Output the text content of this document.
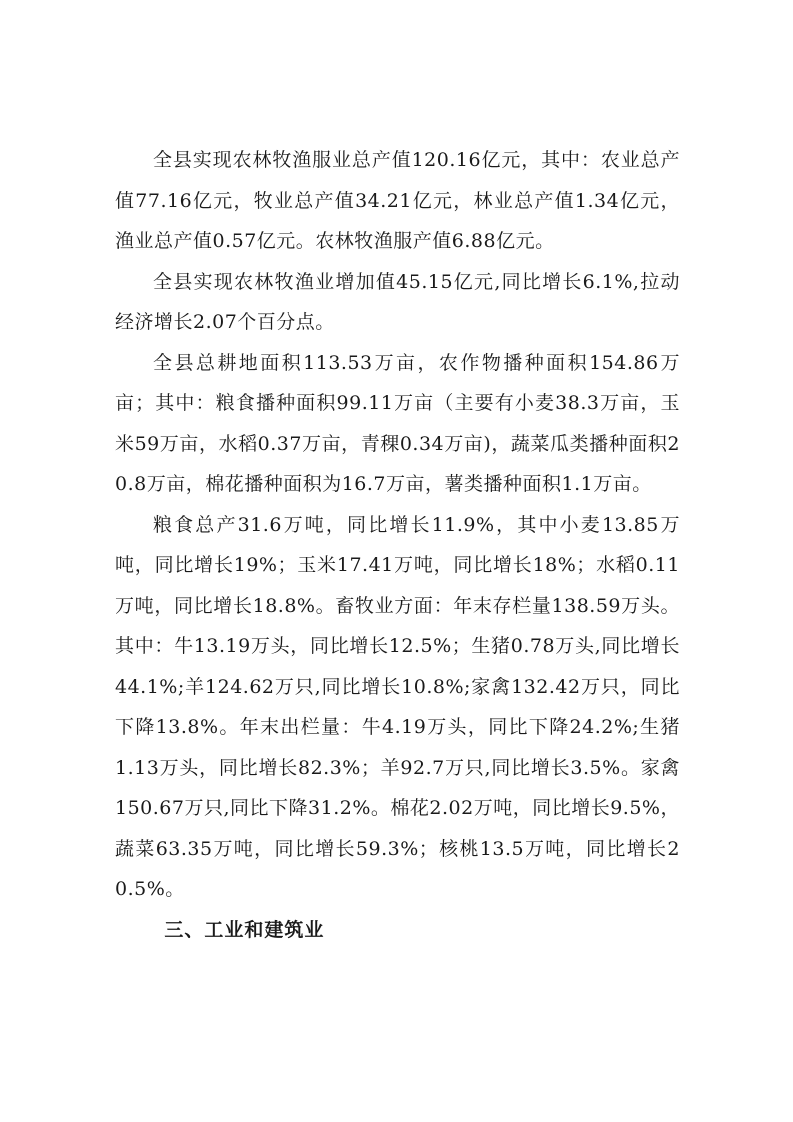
全县实现农林牧渔服业总产值120.16亿元，其中：农业总产值77.16亿元，牧业总产值34.21亿元，林业总产值1.34亿元，渔业总产值0.57亿元。农林牧渔服产值6.88亿元。

全县实现农林牧渔业增加值45.15亿元,同比增长6.1%,拉动经济增长2.07个百分点。

全县总耕地面积113.53万亩，农作物播种面积154.86万亩；其中：粮食播种面积99.11万亩（主要有小麦38.3万亩，玉米59万亩，水稻0.37万亩，青稞0.34万亩)，蔬菜瓜类播种面积20.8万亩，棉花播种面积为16.7万亩，薯类播种面积1.1万亩。

粮食总产31.6万吨，同比增长11.9%，其中小麦13.85万吨，同比增长19%；玉米17.41万吨，同比增长18%；水稻0.11万吨，同比增长18.8%。畜牧业方面：年末存栏量138.59万头。其中：牛13.19万头，同比增长12.5%；生猪0.78万头,同比增长44.1%;羊124.62万只,同比增长10.8%;家禽132.42万只，同比下降13.8%。年末出栏量：牛4.19万头，同比下降24.2%;生猪1.13万头，同比增长82.3%；羊92.7万只,同比增长3.5%。家禽150.67万只,同比下降31.2%。棉花2.02万吨，同比增长9.5%，蔬菜63.35万吨，同比增长59.3%；核桃13.5万吨，同比增长20.5%。

三、工业和建筑业
